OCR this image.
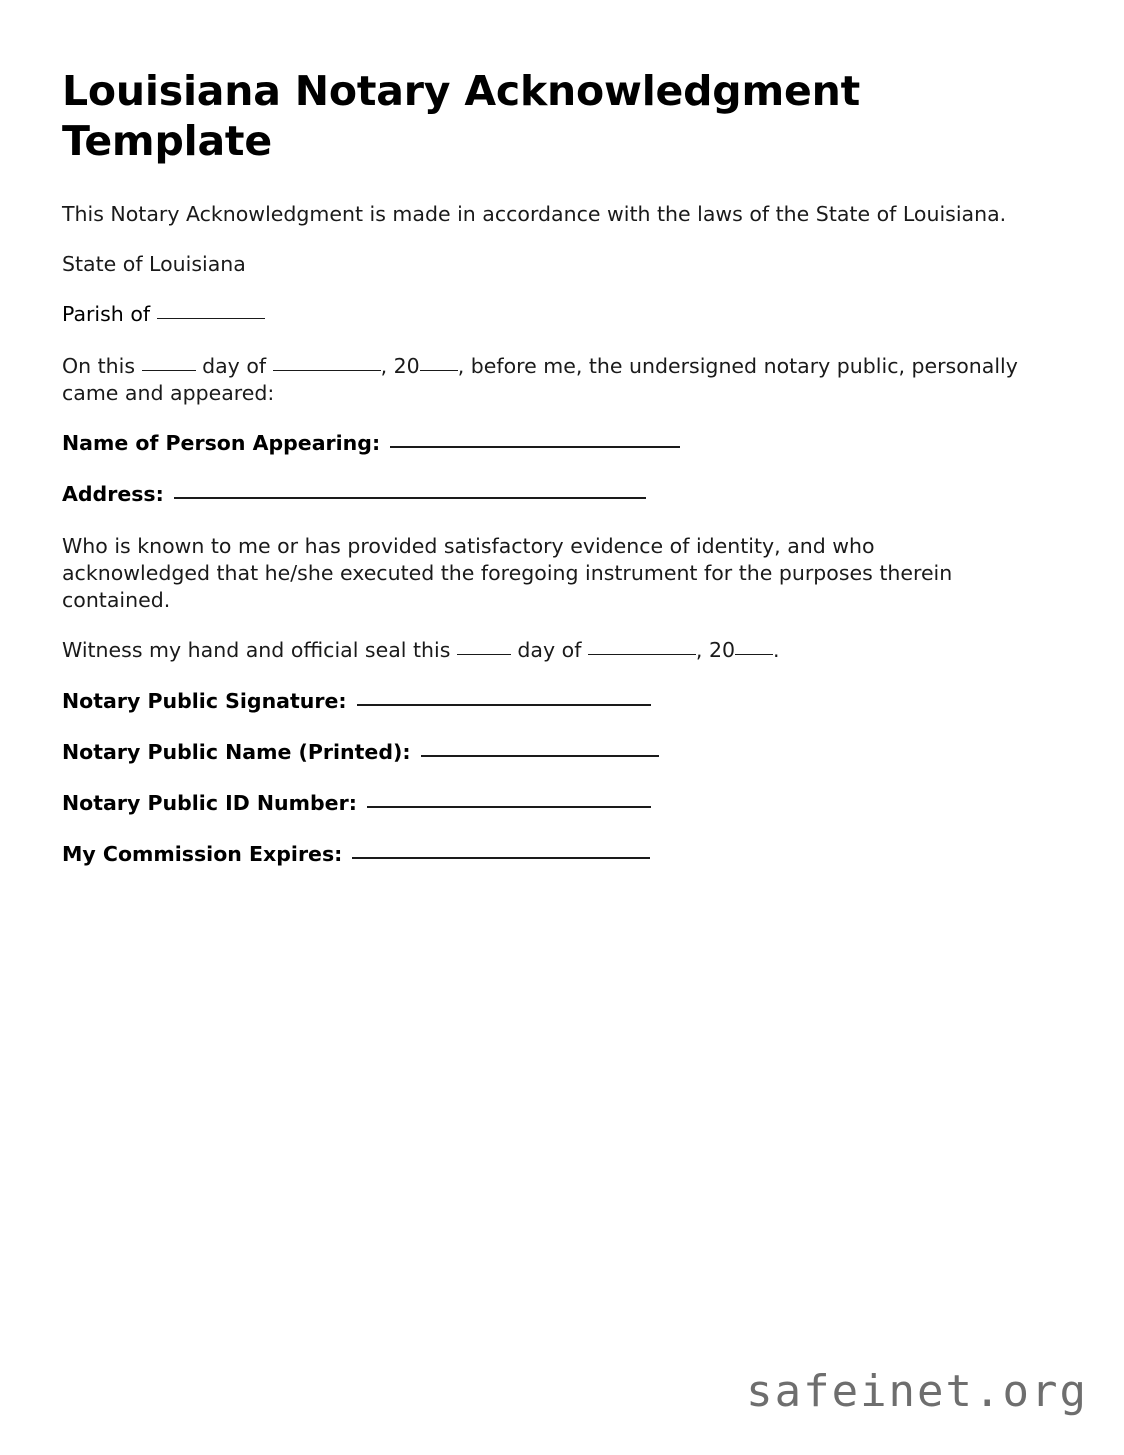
Louisiana Notary Acknowledgment Template

This Notary Acknowledgment is made in accordance with the laws of the State of Louisiana.

State of Louisiana

Parish of

On this	day of	, 20 , before me, the undersigned notary public, personally came and appeared:

Name of Person Appearing:

Address:

Who is known to me or has provided satisfactory evidence of identity, and who acknowledged that he/she executed the foregoing instrument for the purposes therein contained.

Witness my hand and official seal this	day of	, 20 .

Notary Public Signature:

Notary Public Name (Printed):

Notary Public ID Number:

My Commission Expires:

safeinet.org
